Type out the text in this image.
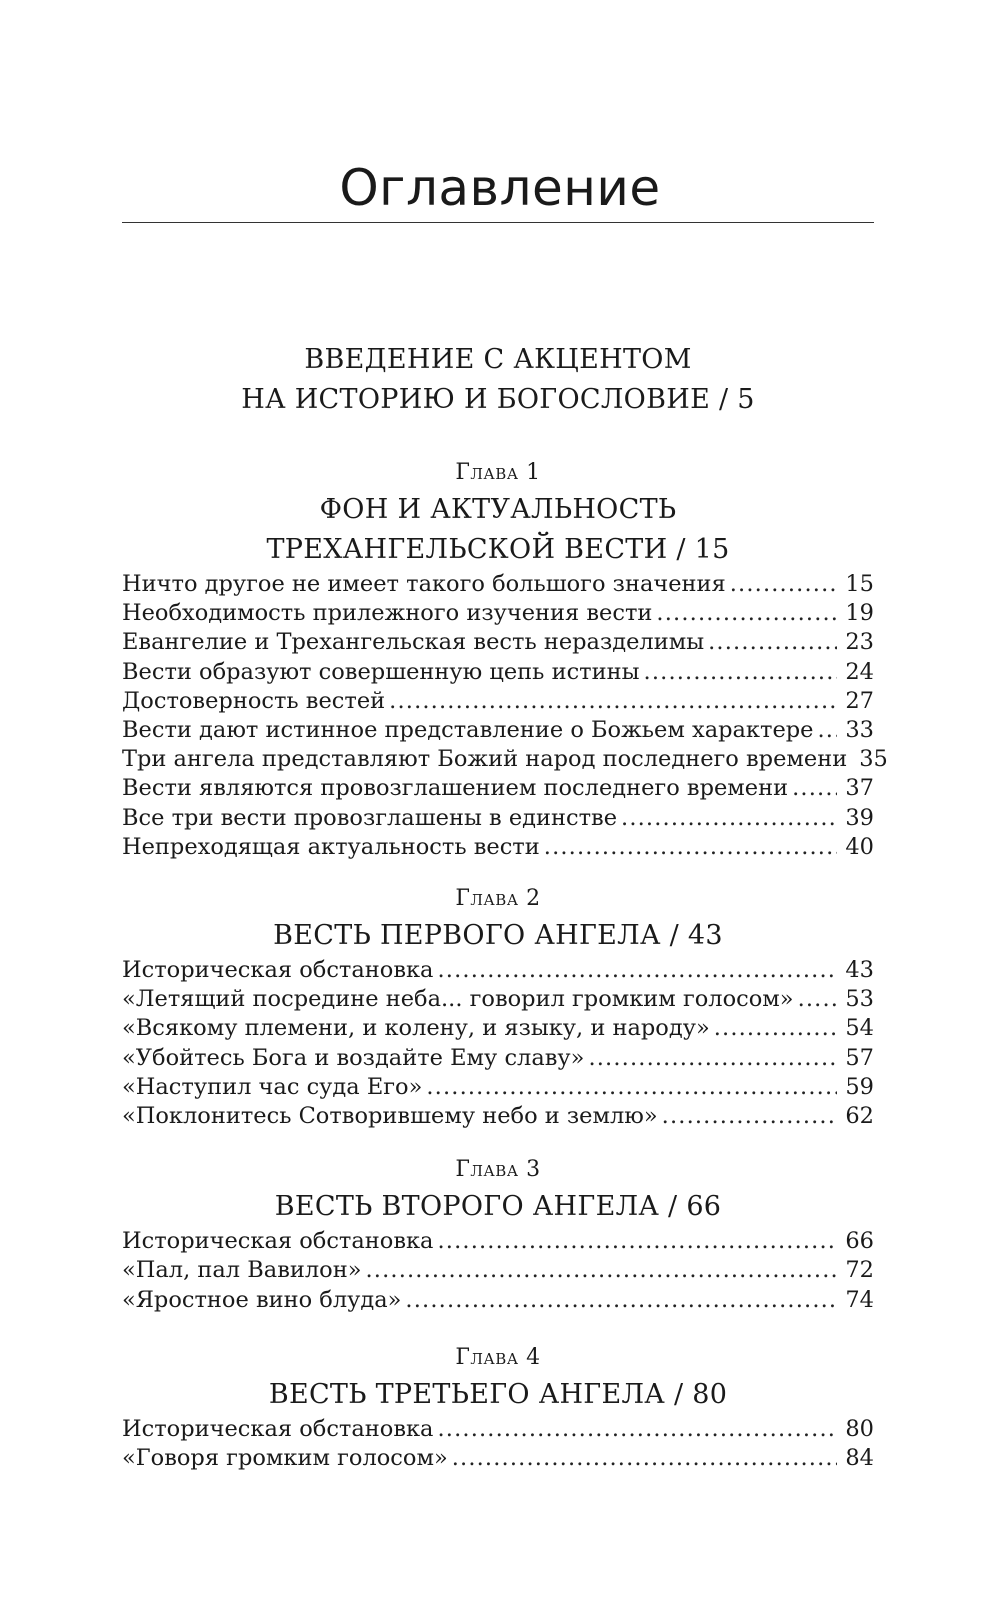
Оглавление
ВВЕДЕНИЕ С АКЦЕНТОМ
НА ИСТОРИЮ И БОГОСЛОВИЕ / 5
Глава 1
ФОН И АКТУАЛЬНОСТЬ
ТРЕХАНГЕЛЬСКОЙ ВЕСТИ / 15
Ничто другое не имеет такого большого значения . . .	15
Необходимость прилежного изучения вести . . .	19
Евангелие и Трехангельская весть неразделимы . . .	23
Вести образуют совершенную цепь истины . . .	24
Достоверность вестей . . .	27
Вести дают истинное представление о Божьем характере . . . 33
Три ангела представляют Божий народ последнего времени 35
Вести являются провозглашением последнего времени . . .	37
Все три вести провозглашены в единстве . . .	39
Непреходящая актуальность вести . . .	40
Глава 2
ВЕСТЬ ПЕРВОГО АНГЕЛА / 43
Историческая обстановка . . .	43
«Летящий посредине неба... говорил громким голосом» . . . 53
«Всякому племени, и колену, и языку, и народу» . . .	54
«Убойтесь Бога и воздайте Ему славу» . . .	57
«Наступил час суда Его» . . .	59
«Поклонитесь Сотворившему небо и землю» . . .	62
Глава 3
ВЕСТЬ ВТОРОГО АНГЕЛА / 66
Историческая обстановка . . .	66
«Пал, пал Вавилон» . . .	72
«Яростное вино блуда» . . .	74
Глава 4
ВЕСТЬ ТРЕТЬЕГО АНГЕЛА / 80
Историческая обстановка . . .	80
«Говоря громким голосом» . . .	84
